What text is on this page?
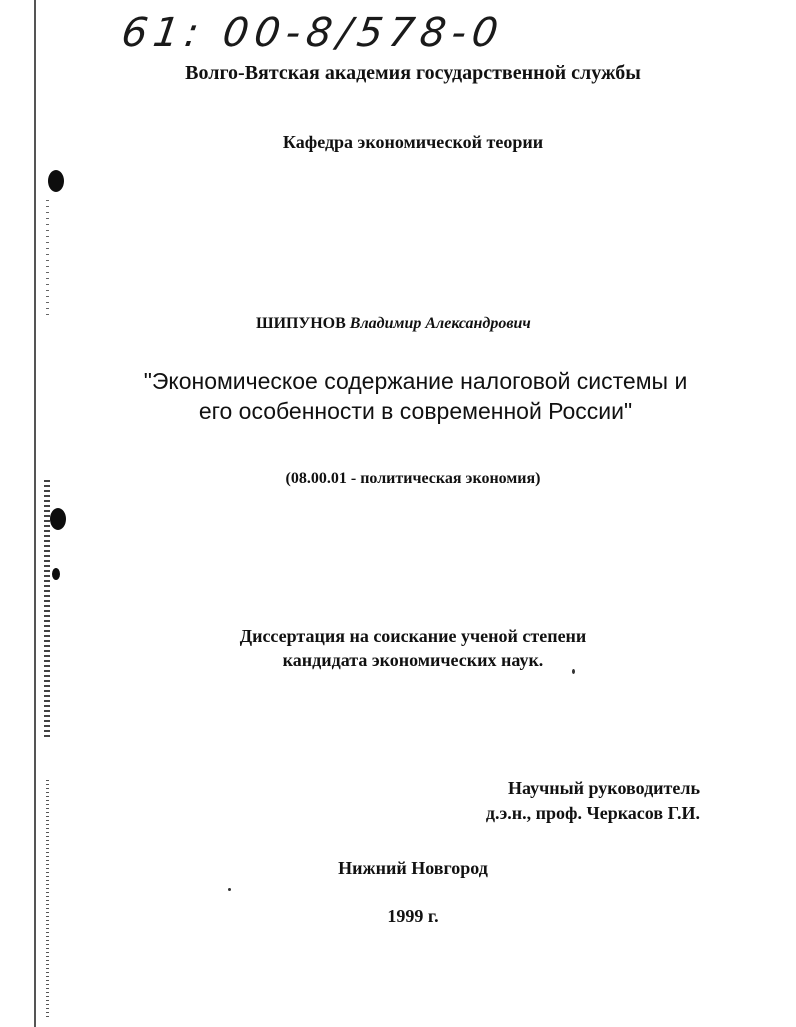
61: 00-8/578-0
Волго-Вятская академия государственной службы
Кафедра экономической теории
ШИПУНОВ Владимир Александрович
"Экономическое содержание налоговой системы и
его особенности в современной России"
(08.00.01 - политическая экономия)
Диссертация на соискание ученой степени
кандидата экономических наук.
Научный руководитель
д.э.н., проф. Черкасов Г.И.
Нижний Новгород
1999 г.
